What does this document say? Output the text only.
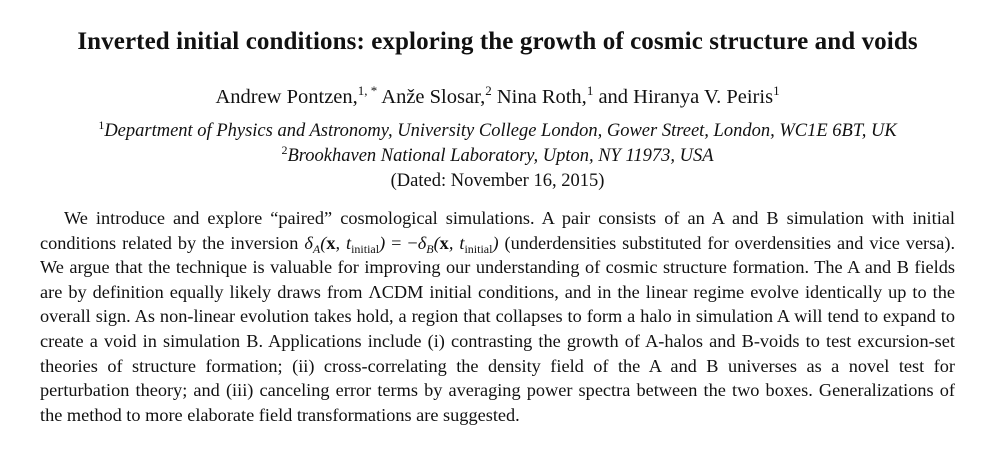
Inverted initial conditions: exploring the growth of cosmic structure and voids
Andrew Pontzen,$^{1, *}$ Anže Slosar,$^2$ Nina Roth,$^1$ and Hiranya V. Peiris$^1$
$^1$Department of Physics and Astronomy, University College London, Gower Street, London, WC1E 6BT, UK
$^2$Brookhaven National Laboratory, Upton, NY 11973, USA
(Dated: November 16, 2015)

We introduce and explore “paired” cosmological simulations. A pair consists of an A and B simulation with initial conditions related by the inversion $\delta_A(x$, $t_{initial}) = -\delta_B(x$, $t_{initial}$) (underdensities substituted for overdensities and vice versa). We argue that the technique is valuable for improving our understanding of cosmic structure formation. The A and B fields are by definition equally likely draws from ΛCDM initial conditions, and in the linear regime evolve identically up to the overall sign. As non-linear evolution takes hold, a region that collapses to form a halo in simulation A will tend to expand to create a void in simulation B. Applications include (i) contrasting the growth of A-halos and B-voids to test excursion-set theories of structure formation; (ii) cross-correlating the density field of the A and B universes as a novel test for perturbation theory; and (iii) canceling error terms by averaging power spectra between the two boxes. Generalizations of the method to more elaborate field transformations are suggested.
